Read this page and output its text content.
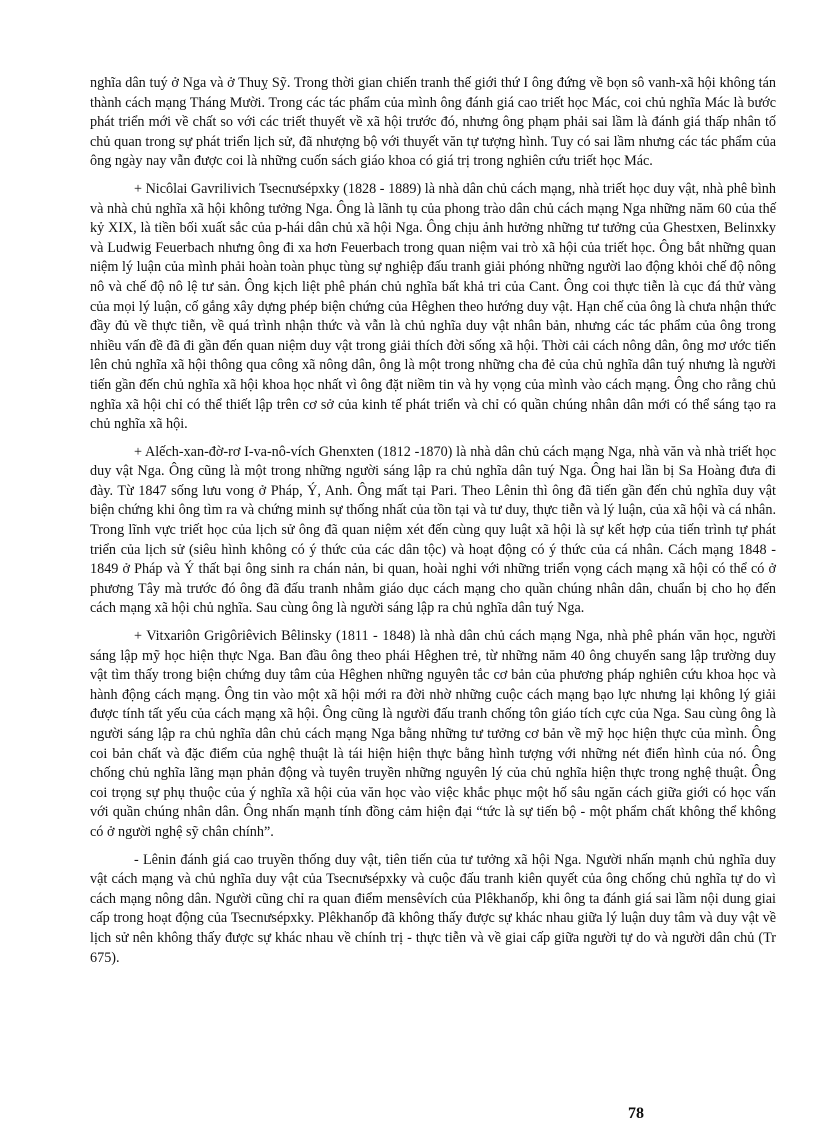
nghĩa dân tuý ở Nga và ở Thuỵ Sỹ. Trong thời gian chiến tranh thế giới thứ I ông đứng về bọn sô vanh-xã hội không tán thành cách mạng Tháng Mười. Trong các tác phẩm của mình ông đánh giá cao triết học Mác, coi chủ nghĩa Mác là bước phát triển mới về chất so với các triết thuyết về xã hội trước đó, nhưng ông phạm phải sai lầm là đánh giá thấp nhân tố chủ quan trong sự phát triển lịch sử, đã nhượng bộ với thuyết văn tự tượng hình. Tuy có sai lầm nhưng các tác phẩm của ông ngày nay vẫn được coi là những cuốn sách giáo khoa có giá trị trong nghiên cứu triết học Mác.

+ Nicôlai Gavrilivich Tsecnưsépxky (1828 - 1889) là nhà dân chủ cách mạng, nhà triết học duy vật, nhà phê bình và nhà chủ nghĩa xã hội không tưởng Nga. Ông là lãnh tụ của phong trào dân chủ cách mạng Nga những năm 60 của thế kỷ XIX, là tiền bối xuất sắc của p-hái dân chủ xã hội Nga. Ông chịu ảnh hưởng những tư tưởng của Ghestxen, Belinxky và Ludwig Feuerbach nhưng ông đi xa hơn Feuerbach trong quan niệm vai trò xã hội của triết học. Ông bắt những quan niệm lý luận của mình phải hoàn toàn phục tùng sự nghiệp đấu tranh giải phóng những người lao động khỏi chế độ nông nô và chế độ nô lệ tư sản. Ông kịch liệt phê phán chủ nghĩa bất khả tri của Cant. Ông coi thực tiễn là cục đá thử vàng của mọi lý luận, cố gắng xây dựng phép biện chứng của Hêghen theo hướng duy vật. Hạn chế của ông là chưa nhận thức đầy đủ về thực tiễn, về quá trình nhận thức và vẫn là chủ nghĩa duy vật nhân bản, nhưng các tác phẩm của ông trong nhiều vấn đề đã đi gần đến quan niệm duy vật trong giải thích đời sống xã hội. Thời cải cách nông dân, ông mơ ước tiến lên chủ nghĩa xã hội thông qua công xã nông dân, ông là một trong những cha đẻ của chủ nghĩa dân tuý nhưng là người tiến gần đến chủ nghĩa xã hội khoa học nhất vì ông đặt niềm tin và hy vọng của mình vào cách mạng. Ông cho rằng chủ nghĩa xã hội chỉ có thể thiết lập trên cơ sở của kinh tế phát triển và chỉ có quần chúng nhân dân mới có thể sáng tạo ra chủ nghĩa xã hội.

+ Alếch-xan-đờ-rơ I-va-nô-vích Ghenxten (1812 -1870) là nhà dân chủ cách mạng Nga, nhà văn và nhà triết học duy vật Nga. Ông cũng là một trong những người sáng lập ra chủ nghĩa dân tuý Nga. Ông hai lần bị Sa Hoàng đưa đi đày. Từ 1847 sống lưu vong ở Pháp, Ý, Anh. Ông mất tại Pari. Theo Lênin thì ông đã tiến gần đến chủ nghĩa duy vật biện chứng khi ông tìm ra và chứng minh sự thống nhất của tồn tại và tư duy, thực tiễn và lý luận, của xã hội và cá nhân. Trong lĩnh vực triết học của lịch sử ông đã quan niệm xét đến cùng quy luật xã hội là sự kết hợp của tiến trình tự phát triển của lịch sử (siêu hình không có ý thức của các dân tộc) và hoạt động có ý thức của cá nhân. Cách mạng 1848 - 1849 ở Pháp và Ý thất bại ông sinh ra chán nản, bi quan, hoài nghi với những triển vọng cách mạng xã hội có thể có ở phương Tây mà trước đó ông đã đấu tranh nhằm giáo dục cách mạng cho quần chúng nhân dân, chuẩn bị cho họ đến cách mạng xã hội chủ nghĩa. Sau cùng ông là người sáng lập ra chủ nghĩa dân tuý Nga.

+ Vitxariôn Grigôriêvich Bêlinsky (1811 - 1848) là nhà dân chủ cách mạng Nga, nhà phê phán văn học, người sáng lập mỹ học hiện thực Nga. Ban đầu ông theo phái Hêghen trẻ, từ những năm 40 ông chuyển sang lập trường duy vật tìm thấy trong biện chứng duy tâm của Hêghen những nguyên tắc cơ bản của phương pháp nghiên cứu khoa học và hành động cách mạng. Ông tin vào một xã hội mới ra đời nhờ những cuộc cách mạng bạo lực nhưng lại không lý giải được tính tất yếu của cách mạng xã hội. Ông cũng là người đấu tranh chống tôn giáo tích cực của Nga. Sau cùng ông là người sáng lập ra chủ nghĩa dân chủ cách mạng Nga bằng những tư tưởng cơ bản về mỹ học hiện thực của mình. Ông coi bản chất và đặc điểm của nghệ thuật là tái hiện hiện thực bằng hình tượng với những nét điển hình của nó. Ông chống chủ nghĩa lãng mạn phản động và tuyên truyền những nguyên lý của chủ nghĩa hiện thực trong nghệ thuật. Ông coi trọng sự phụ thuộc của ý nghĩa xã hội của văn học vào việc khắc phục một hố sâu ngăn cách giữa giới có học vấn với quần chúng nhân dân. Ông nhấn mạnh tính đồng cảm hiện đại “tức là sự tiến bộ - một phẩm chất không thể không có ở người nghệ sỹ chân chính”.

- Lênin đánh giá cao truyền thống duy vật, tiên tiến của tư tưởng xã hội Nga. Người nhấn mạnh chủ nghĩa duy vật cách mạng và chủ nghĩa duy vật của Tsecnưsépxky và cuộc đấu tranh kiên quyết của ông chống chủ nghĩa tự do vì cách mạng nông dân. Người cũng chỉ ra quan điểm mensêvích của Plêkhanốp, khi ông ta đánh giá sai lầm nội dung giai cấp trong hoạt động của Tsecnưsépxky. Plêkhanốp đã không thấy được sự khác nhau giữa lý luận duy tâm và duy vật về lịch sử nên không thấy được sự khác nhau về chính trị - thực tiễn và về giai cấp giữa người tự do và người dân chủ (Tr 675).

78
